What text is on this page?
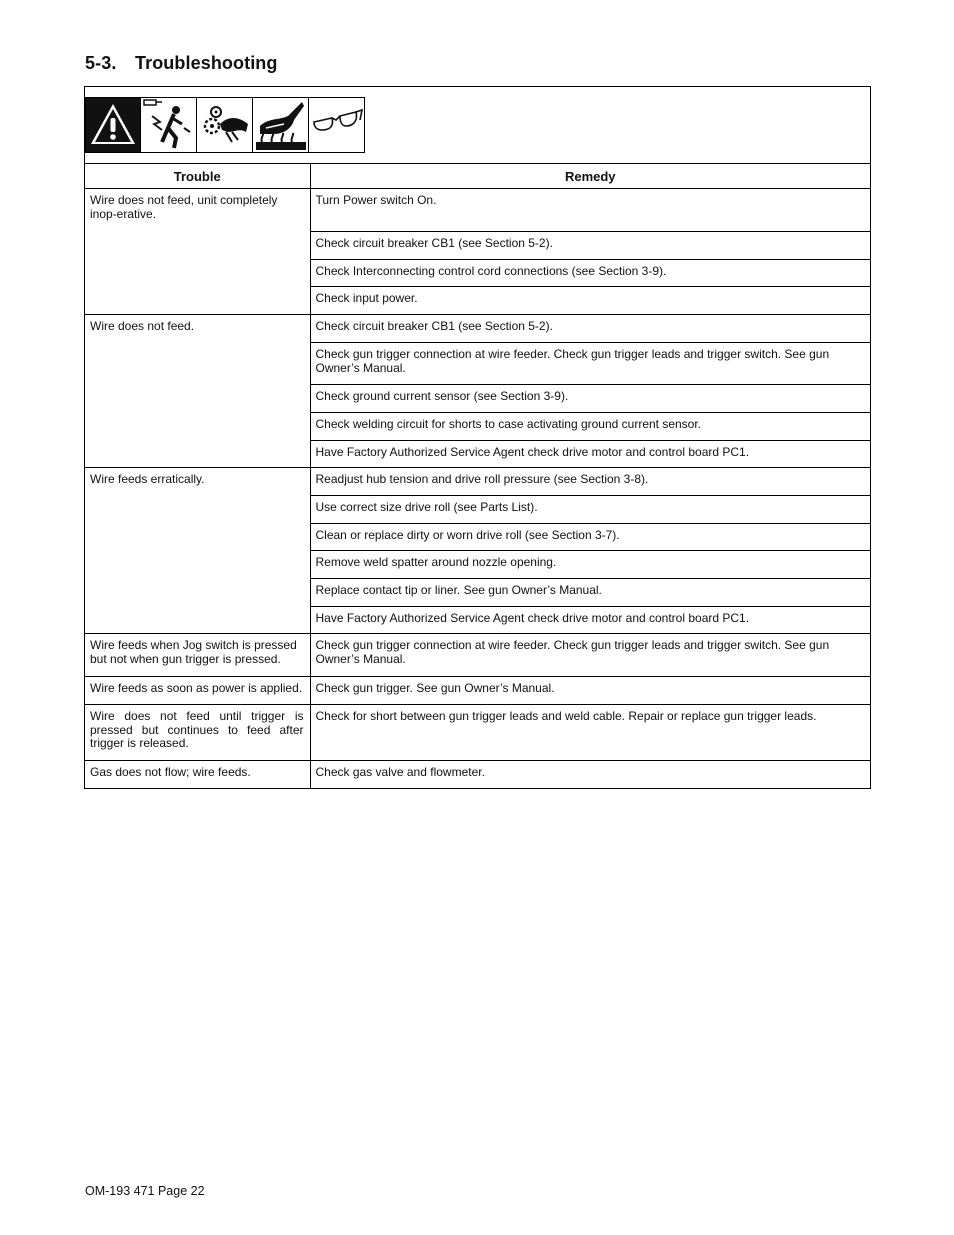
5-3. Troubleshooting
Trouble	Remedy
Wire does not feed, unit completely inop-erative.	Turn Power switch On.
	Check circuit breaker CB1 (see Section 5-2).
	Check Interconnecting control cord connections (see Section 3-9).
	Check input power.
Wire does not feed.	Check circuit breaker CB1 (see Section 5-2).
	Check gun trigger connection at wire feeder. Check gun trigger leads and trigger switch. See gun Owner’s Manual.
	Check ground current sensor (see Section 3-9).
	Check welding circuit for shorts to case activating ground current sensor.
	Have Factory Authorized Service Agent check drive motor and control board PC1.
Wire feeds erratically.	Readjust hub tension and drive roll pressure (see Section 3-8).
	Use correct size drive roll (see Parts List).
	Clean or replace dirty or worn drive roll (see Section 3-7).
	Remove weld spatter around nozzle opening.
	Replace contact tip or liner. See gun Owner’s Manual.
	Have Factory Authorized Service Agent check drive motor and control board PC1.
Wire feeds when Jog switch is pressed but not when gun trigger is pressed.	Check gun trigger connection at wire feeder. Check gun trigger leads and trigger switch. See gun Owner’s Manual.
Wire feeds as soon as power is applied.	Check gun trigger. See gun Owner’s Manual.
Wire does not feed until trigger is pressed but continues to feed after trigger is released.	Check for short between gun trigger leads and weld cable. Repair or replace gun trigger leads.
Gas does not flow; wire feeds.	Check gas valve and flowmeter.

OM-193 471 Page 22
